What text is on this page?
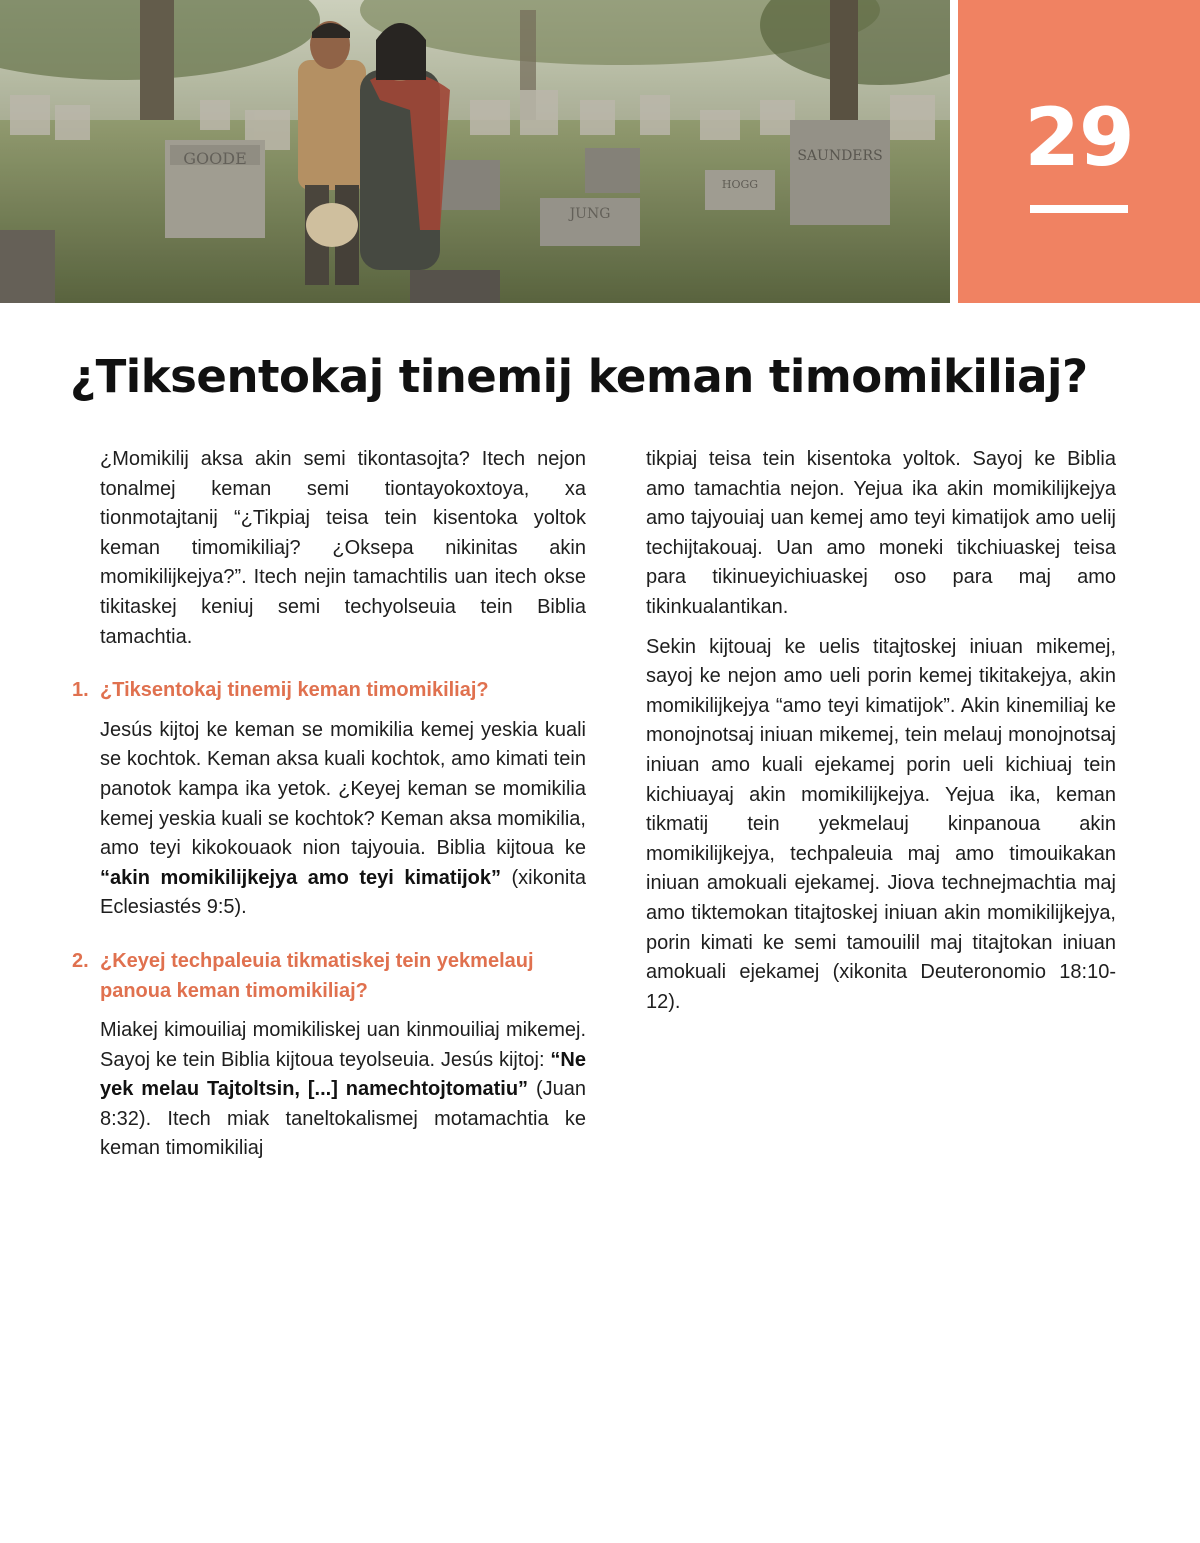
GOODE
JUNG
SAUNDERS
HOGG
29
¿Tiksentokaj tinemij keman timomikiliaj?

¿Momikilij aksa akin semi tikontasojta? Itech nejon tonalmej keman semi tiontayokoxtoya, xa tionmotajtanij “¿Tikpiaj teisa tein kisentoka yoltok keman timomikiliaj? ¿Oksepa nikinitas akin momikilijkejya?”. Itech nejin tamachtilis uan itech okse tikitaskej keniuj semi techyolseuia tein Biblia tamachtia.

1. ¿Tiksentokaj tinemij keman timomikiliaj?

Jesús kijtoj ke keman se momikilia kemej yeskia kuali se kochtok. Keman aksa kuali kochtok, amo kimati tein panotok kampa ika yetok. ¿Keyej keman se momikilia kemej yeskia kuali se kochtok? Keman aksa momikilia, amo teyi kikokouaok nion tajyouia. Biblia kijtoua ke “akin momikilijkejya amo teyi kimatijok” (xikonita Eclesiastés 9:5).

2. ¿Keyej techpaleuia tikmatiskej tein yekmelauj panoua keman timomikiliaj?

Miakej kimouiliaj momikiliskej uan kinmouiliaj mikemej. Sayoj ke tein Biblia kijtoua teyolseuia. Jesús kijtoj: “Ne yek melau Tajtoltsin, [...] namechtojtomatiu” (Juan 8:32). Itech miak taneltokalismej motamachtia ke keman timomikiliaj

tikpiaj teisa tein kisentoka yoltok. Sayoj ke Biblia amo tamachtia nejon. Yejua ika akin momikilijkejya amo tajyouiaj uan kemej amo teyi kimatijok amo uelij techijtakouaj. Uan amo moneki tikchiuaskej teisa para tikinueyichiuaskej oso para maj amo tikinkualantikan.

Sekin kijtouaj ke uelis titajtoskej iniuan mikemej, sayoj ke nejon amo ueli porin kemej tikitakejya, akin momikilijkejya “amo teyi kimatijok”. Akin kinemiliaj ke monojnotsaj iniuan mikemej, tein melauj monojnotsaj iniuan amo kuali ejekamej porin ueli kichiuaj tein kichiuayaj akin momikilijkejya. Yejua ika, keman tikmatij tein yekmelauj kinpanoua akin momikilijkejya, techpaleuia maj amo timouikakan iniuan amokuali ejekamej. Jiova technejmachtia maj amo tiktemokan titajtoskej iniuan akin momikilijkejya, porin kimati ke semi tamouilil maj titajtokan iniuan amokuali ejekamej (xikonita Deuteronomio 18:10-12).
